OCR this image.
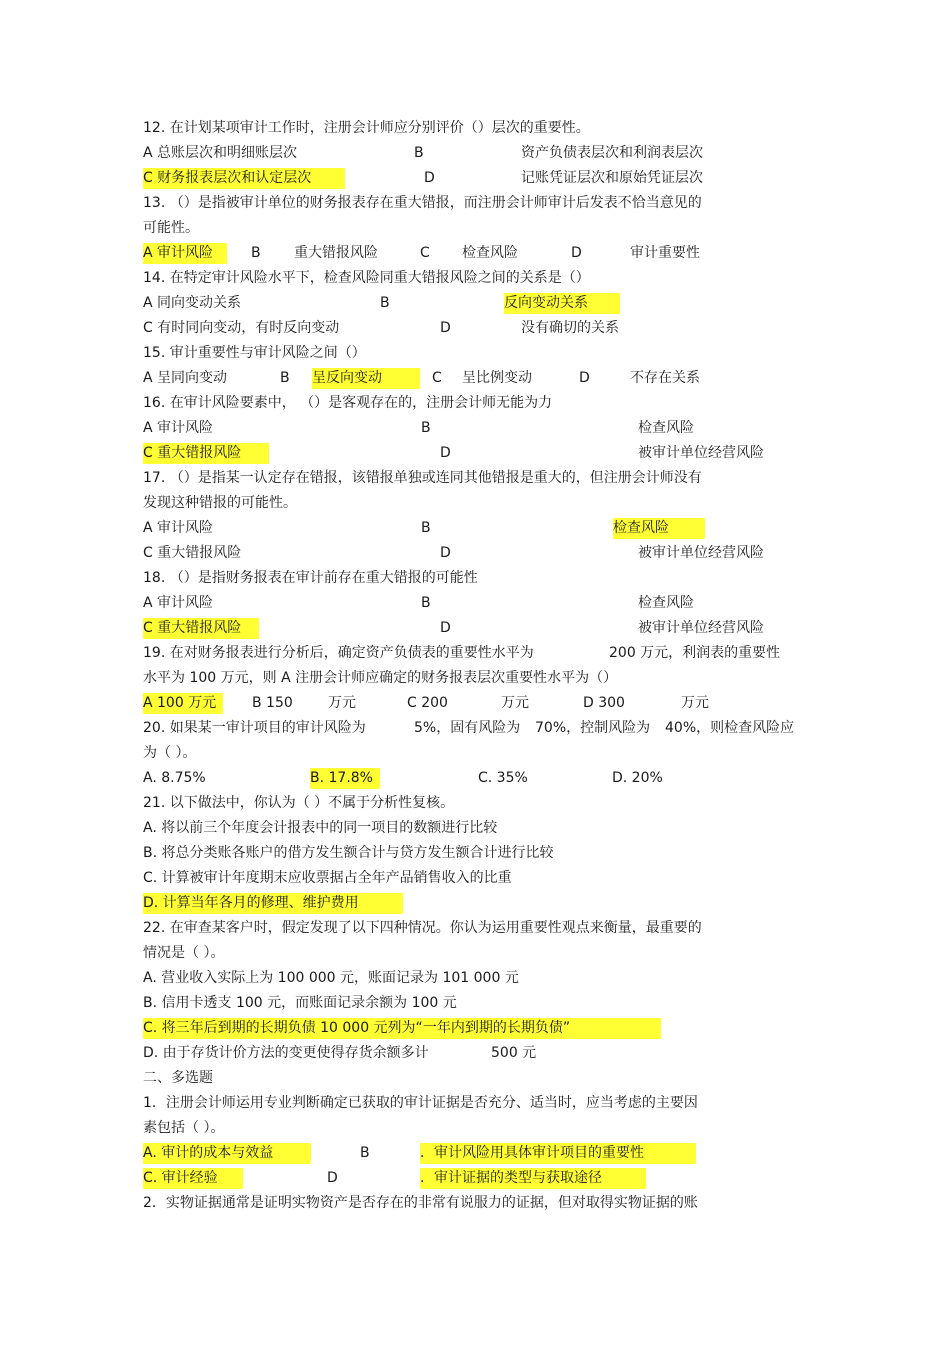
12. 在计划某项审计工作时，注册会计师应分别评价（）层次的重要性。
A 总账层次和明细账层次	B	资产负债表层次和利润表层次
C 财务报表层次和认定层次	D	记账凭证层次和原始凭证层次
13. （）是指被审计单位的财务报表存在重大错报，而注册会计师审计后发表不恰当意见的
可能性。
A 审计风险	B 重大错报风险	C 检查风险	D	审计重要性
14. 在特定审计风险水平下，检查风险同重大错报风险之间的关系是（）
A 同向变动关系	B	反向变动关系
C 有时同向变动，有时反向变动	D	没有确切的关系
15. 审计重要性与审计风险之间（）
A 呈同向变动	B 呈反向变动	C 呈比例变动	D	不存在关系
16. 在审计风险要素中， （）是客观存在的，注册会计师无能为力
A 审计风险	B	检查风险
C 重大错报风险	D	被审计单位经营风险
17. （）是指某一认定存在错报，该错报单独或连同其他错报是重大的，但注册会计师没有
发现这种错报的可能性。
A 审计风险	B	检查风险
C 重大错报风险	D	被审计单位经营风险
18. （）是指财务报表在审计前存在重大错报的可能性
A 审计风险	B	检查风险
C 重大错报风险	D	被审计单位经营风险
19. 在对财务报表进行分析后，确定资产负债表的重要性水平为	200 万元，利润表的重要性
水平为 100 万元，则 A 注册会计师应确定的财务报表层次重要性水平为（）
A 100 万元	B 150	万元	C 200	万元	D 300	万元
20. 如果某一审计项目的审计风险为	5%，固有风险为 70%，控制风险为 40%，则检查风险应
为（ ）。
A. 8.75%	B. 17.8%	C. 35%	D. 20%
21. 以下做法中，你认为（ ）不属于分析性复核。
A. 将以前三个年度会计报表中的同一项目的数额进行比较
B. 将总分类账各账户的借方发生额合计与贷方发生额合计进行比较
C. 计算被审计年度期末应收票据占全年产品销售收入的比重
D. 计算当年各月的修理、维护费用
22. 在审查某客户时，假定发现了以下四种情况。你认为运用重要性观点来衡量，最重要的
情况是（ ）。
A. 营业收入实际上为 100 000 元，账面记录为 101 000 元
B. 信用卡透支 100 元，而账面记录余额为 100 元
C. 将三年后到期的长期负债 10 000 元列为“一年内到期的长期负债”
D. 由于存货计价方法的变更使得存货余额多计	500 元
二、多选题
1．注册会计师运用专业判断确定已获取的审计证据是否充分、适当时，应当考虑的主要因
素包括（ ）。
A. 审计的成本与效益	B	．审计风险用具体审计项目的重要性
C. 审计经验	D	．审计证据的类型与获取途径
2．实物证据通常是证明实物资产是否存在的非常有说服力的证据，但对取得实物证据的账
